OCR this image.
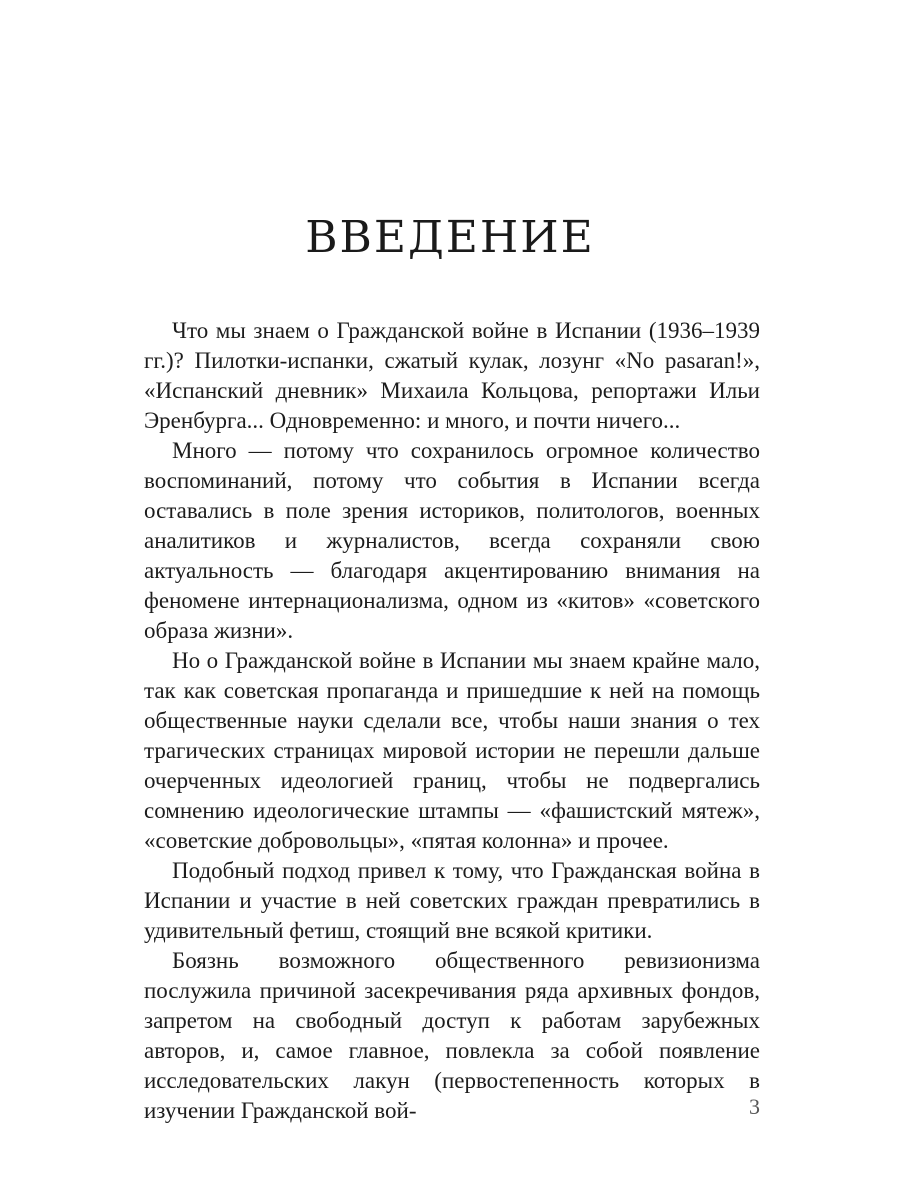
ВВЕДЕНИЕ

Что мы знаем о Гражданской войне в Испании (1936–1939 гг.)? Пилотки-испанки, сжатый кулак, лозунг «No pasaran!», «Испанский дневник» Михаила Кольцова, репортажи Ильи Эренбурга... Одновременно: и много, и почти ничего...

Много — потому что сохранилось огромное количество воспоминаний, потому что события в Испании всегда оставались в поле зрения историков, политологов, военных аналитиков и журналистов, всегда сохраняли свою актуальность — благодаря акцентированию внимания на феномене интернационализма, одном из «китов» «советского образа жизни».

Но о Гражданской войне в Испании мы знаем крайне мало, так как советская пропаганда и пришедшие к ней на помощь общественные науки сделали все, чтобы наши знания о тех трагических страницах мировой истории не перешли дальше очерченных идеологией границ, чтобы не подвергались сомнению идеологические штампы — «фашистский мятеж», «советские добровольцы», «пятая колонна» и прочее.

Подобный подход привел к тому, что Гражданская война в Испании и участие в ней советских граждан превратились в удивительный фетиш, стоящий вне всякой критики.

Боязнь возможного общественного ревизионизма послужила причиной засекречивания ряда архивных фондов, запретом на свободный доступ к работам зарубежных авторов, и, самое главное, повлекла за собой появление исследовательских лакун (первостепенность которых в изучении Гражданской вой-	3
